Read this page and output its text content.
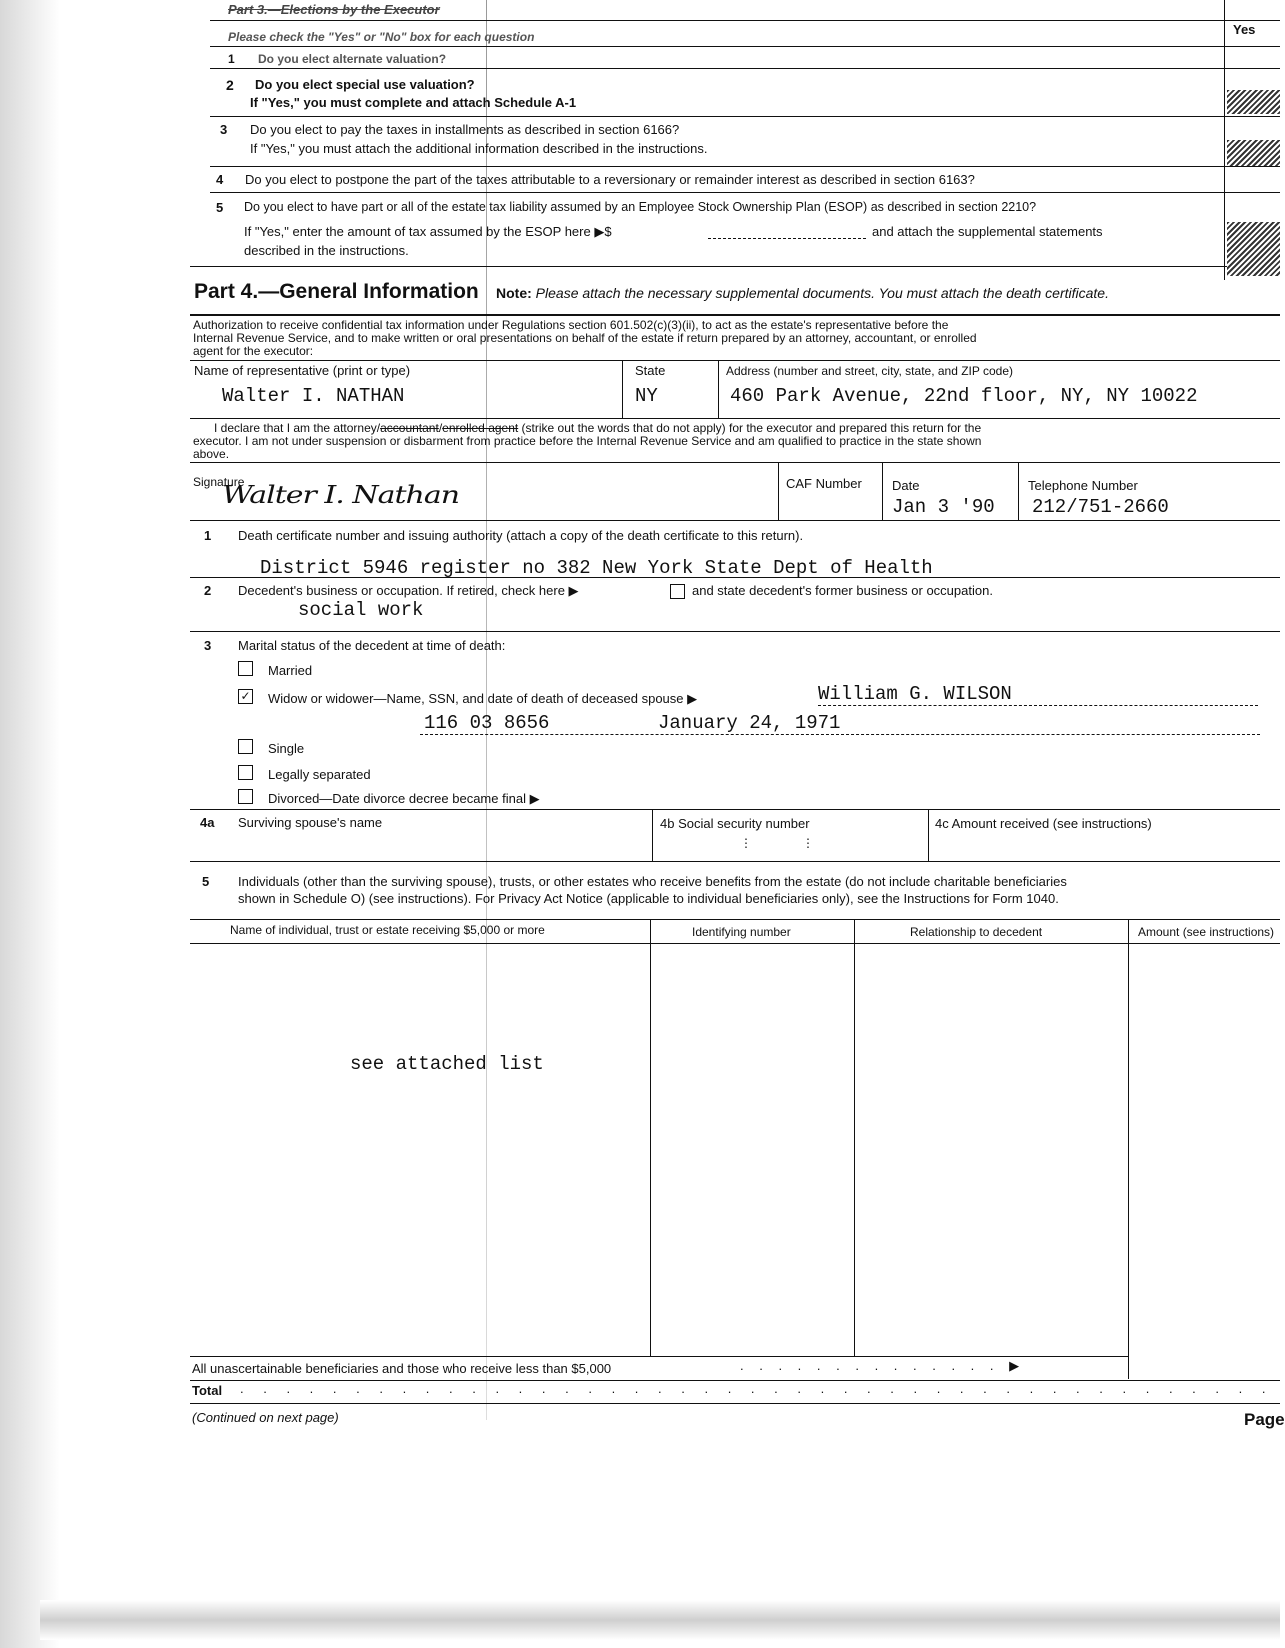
Part 3.—Elections by the Executor
Please check the "Yes" or "No" box for each question	Yes
1 Do you elect alternate valuation?
2 Do you elect special use valuation?
If "Yes," you must complete and attach Schedule A-1
3 Do you elect to pay the taxes in installments as described in section 6166?
If "Yes," you must attach the additional information described in the instructions.
4 Do you elect to postpone the part of the taxes attributable to a reversionary or remainder interest as described in section 6163?
5 Do you elect to have part or all of the estate tax liability assumed by an Employee Stock Ownership Plan (ESOP) as described in section 2210?
If "Yes," enter the amount of tax assumed by the ESOP here ▶$	and attach the supplemental statements
described in the instructions.
Part 4.—General Information Note: Please attach the necessary supplemental documents. You must attach the death certificate.
Authorization to receive confidential tax information under Regulations section 601.502(c)(3)(ii), to act as the estate's representative before the
Internal Revenue Service, and to make written or oral presentations on behalf of the estate if return prepared by an attorney, accountant, or enrolled
agent for the executor:
Name of representative (print or type)
Walter I. NATHAN
State
NY
Address (number and street, city, state, and ZIP code)
460 Park Avenue, 22nd floor, NY, NY 10022
I declare that I am the attorney/accountant/enrolled agent (strike out the words that do not apply) for the executor and prepared this return for the
executor. I am not under suspension or disbarment from practice before the Internal Revenue Service and am qualified to practice in the state shown
above.
Signature
Walter I. Nathan	CAF Number Date
Jan 3 '90
Telephone Number
212/751-2660
1 Death certificate number and issuing authority (attach a copy of the death certificate to this return).
District 5946 register no 382 New York State Dept of Health
2 Decedent's business or occupation. If retired, check here ▶	and state decedent's former business or occupation.
social work
3 Marital status of the decedent at time of death:
Married
✓ Widow or widower—Name, SSN, and date of death of deceased spouse ▶	William G. WILSON
116 03 8656	January 24, 1971
Single
Legally separated
Divorced—Date divorce decree became final ▶
4a Surviving spouse's name	4b Social security number
⋮	⋮
4c Amount received (see instructions)
5 Individuals (other than the surviving spouse), trusts, or other estates who receive benefits from the estate (do not include charitable beneficiaries
shown in Schedule O) (see instructions). For Privacy Act Notice (applicable to individual beneficiaries only), see the Instructions for Form 1040.
Name of individual, trust or estate receiving $5,000 or more	Identifying number	Relationship to decedent	Amount (see instructions)
see attached list
All unascertainable beneficiaries and those who receive less than $5,000	. . . . . . . . . . . . . . ▶
Total . . . . . . . . . . . . . . . . . . . . . . . . . . . . . . . . . . . . . . . . . . . . .
(Continued on next page)	Page
